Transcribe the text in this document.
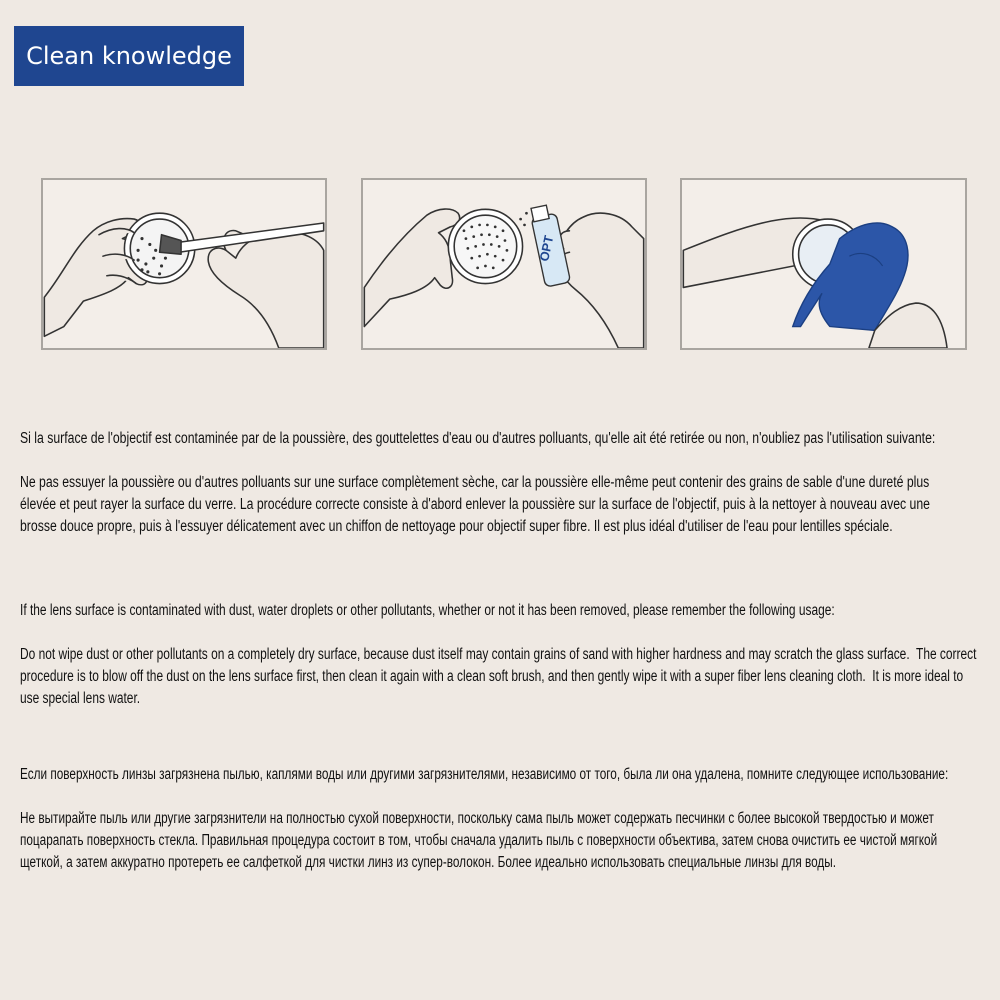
Clean knowledge
OPT

Si la surface de l'objectif est contaminée par de la poussière, des gouttelettes d'eau ou d'autres polluants, qu'elle ait été retirée ou non, n'oubliez pas l'utilisation suivante:

Ne pas essuyer la poussière ou d'autres polluants sur une surface complètement sèche, car la poussière elle-même peut contenir des grains de sable d'une dureté plus

élevée et peut rayer la surface du verre. La procédure correcte consiste à d'abord enlever la poussière sur la surface de l'objectif, puis à la nettoyer à nouveau avec une

brosse douce propre, puis à l'essuyer délicatement avec un chiffon de nettoyage pour objectif super fibre. Il est plus idéal d'utiliser de l'eau pour lentilles spéciale.

If the lens surface is contaminated with dust, water droplets or other pollutants, whether or not it has been removed, please remember the following usage:

Do not wipe dust or other pollutants on a completely dry surface, because dust itself may contain grains of sand with higher hardness and may scratch the glass surface.  The correct

procedure is to blow off the dust on the lens surface first, then clean it again with a clean soft brush, and then gently wipe it with a super fiber lens cleaning cloth.  It is more ideal to

use special lens water.

Если поверхность линзы загрязнена пылью, каплями воды или другими загрязнителями, независимо от того, была ли она удалена, помните следующее использование:

Не вытирайте пыль или другие загрязнители на полностью сухой поверхности, поскольку сама пыль может содержать песчинки с более высокой твердостью и может

поцарапать поверхность стекла. Правильная процедура состоит в том, чтобы сначала удалить пыль с поверхности объектива, затем снова очистить ее чистой мягкой

щеткой, а затем аккуратно протереть ее салфеткой для чистки линз из супер-волокон. Более идеально использовать специальные линзы для воды.
